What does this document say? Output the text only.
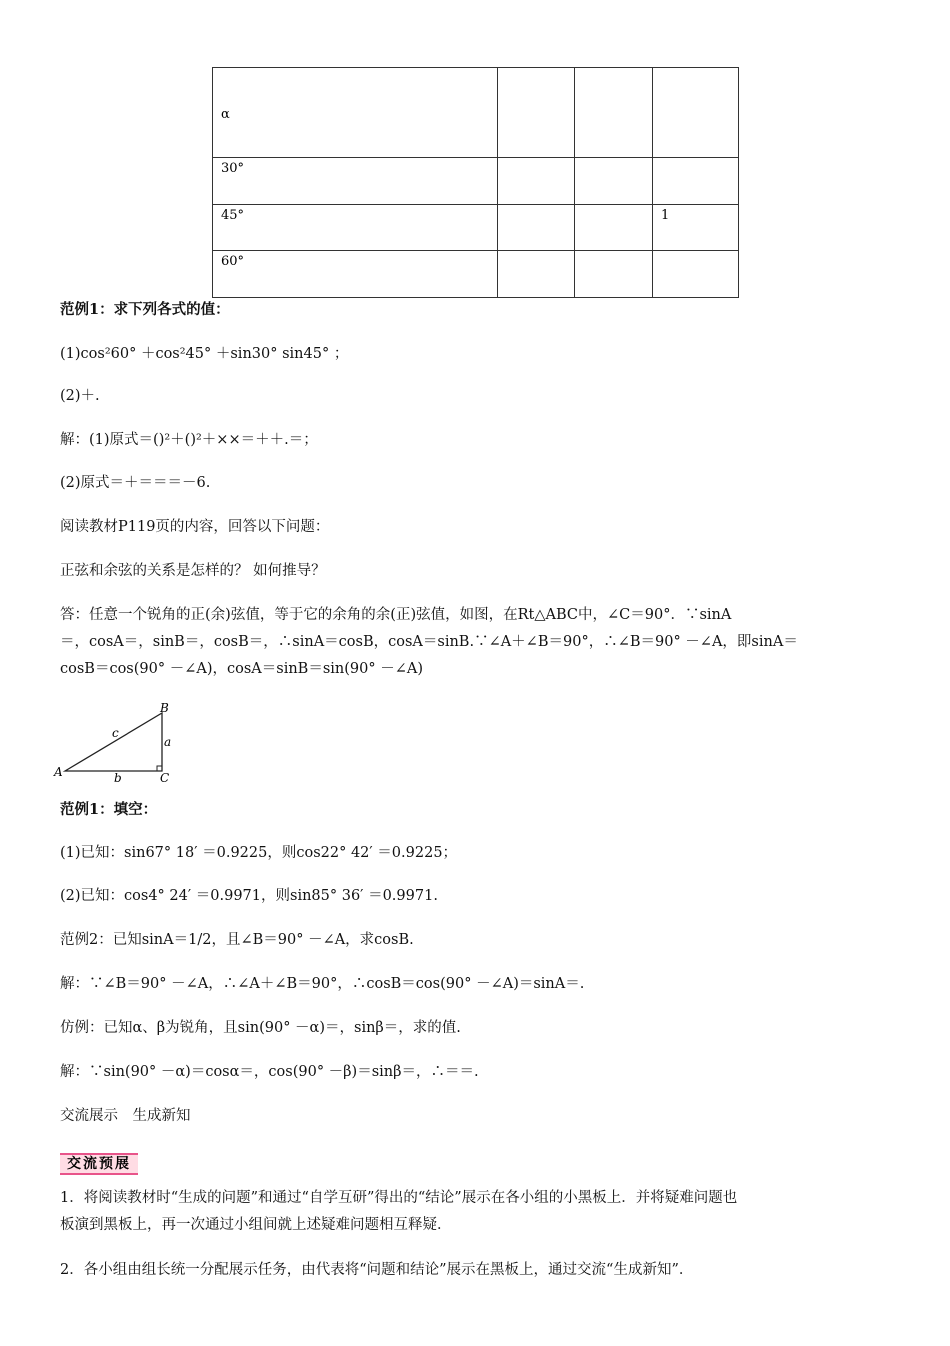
α			
30°			
45°			1
60°			
范例1：求下列各式的值：
(1)cos²60° ＋cos²45° ＋sin30° sin45° ；
(2)＋.
解：(1)原式＝()²＋()²＋××＝＋＋.＝；
(2)原式＝＋＝＝＝－6.
阅读教材P119页的内容，回答以下问题：
正弦和余弦的关系是怎样的？ 如何推导？
答：任意一个锐角的正(余)弦值，等于它的余角的余(正)弦值，如图，在Rt△ABC中，∠C＝90°．∵sinA
＝，cosA＝，sinB＝，cosB＝，∴sinA＝cosB，cosA＝sinB.∵∠A＋∠B＝90°，∴∠B＝90° －∠A，即sinA＝
cosB＝cos(90° －∠A)，cosA＝sinB＝sin(90° －∠A)
A
B
C
a
b
c
范例1：填空：
(1)已知：sin67° 18′ ＝0.9225，则cos22° 42′ ＝0.9225；
(2)已知：cos4° 24′ ＝0.9971，则sin85° 36′ ＝0.9971.
范例2：已知sinA＝1/2，且∠B＝90° －∠A，求cosB.
解：∵∠B＝90° －∠A，∴∠A＋∠B＝90°，∴cosB＝cos(90° －∠A)＝sinA＝.
仿例：已知α、β为锐角，且sin(90° －α)＝，sinβ＝，求的值.
解：∵sin(90° －α)＝cosα＝，cos(90° －β)＝sinβ＝，∴＝＝.
交流展示　生成新知
交流预展
1．将阅读教材时“生成的问题”和通过“自学互研”得出的“结论”展示在各小组的小黑板上．并将疑难问题也
板演到黑板上，再一次通过小组间就上述疑难问题相互释疑．
2．各小组由组长统一分配展示任务，由代表将“问题和结论”展示在黑板上，通过交流“生成新知”．
